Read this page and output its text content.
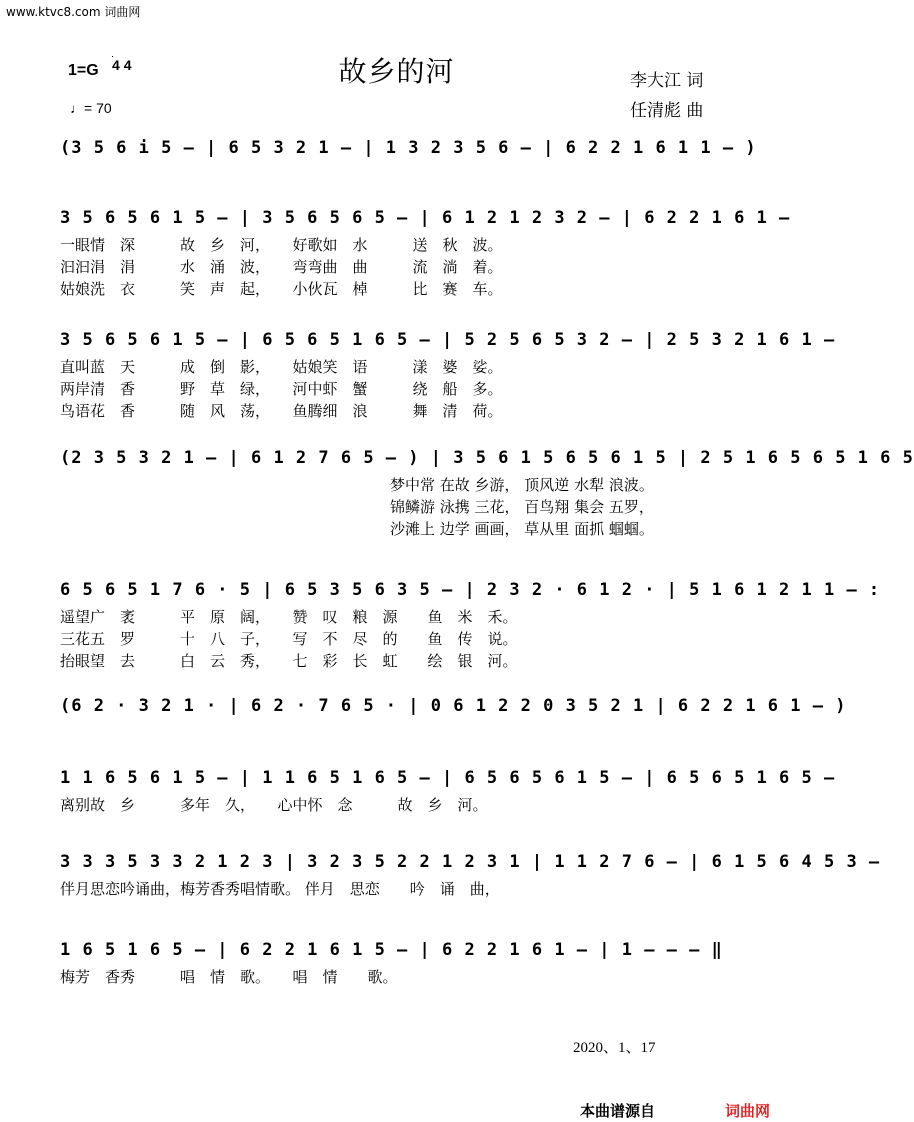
www.ktvc8.com 词曲网
故乡的河
1=G 4 4
♩= 70
李大江 词
任清彪 曲
(3 5 6 i 5 – | 6 5 3 2 1 – | 1 3 2 3 5 6 – | 6 2 2 1 6 1 1 – )
3 5 6 5 6 1 5 – | 3 5 6 5 6 5 – | 6 1 2 1 2 3 2 – | 6 2 2 1 6 1 –
一眼情　深　　　故　乡　河，　　好歌如　水　　　送　秋　波。
汩汩涓　涓　　　水　涌　波，　　弯弯曲　曲　　　流　淌　着。
姑娘洗　衣　　　笑　声　起，　　小伙瓦　棹　　　比　赛　车。
3 5 6 5 6 1 5 – | 6 5 6 5 1 6 5 – | 5 2 5 6 5 3 2 – | 2 5 3 2 1 6 1 –
直叫蓝　天　　　成　倒　影，　　姑娘笑　语　　　漾　婆　娑。
两岸清　香　　　野　草　绿，　　河中虾　蟹　　　绕　船　多。
鸟语花　香　　　随　风　荡，　　鱼腾细　浪　　　舞　清　荷。
(2 3 5 3 2 1 – | 6 1 2 7 6 5 – ) | 3 5 6 1 5 6 5 6 1 5 | 2 5 1 6 5 6 5 1 6 5
梦中常 在故 乡游， 顶风逆 水犁 浪波。
锦鳞游 泳携 三花， 百鸟翔 集会 五罗，
沙滩上 边学 画画， 草从里 面抓 蝈蝈。
6 5 6 5 1 7 6 · 5 | 6 5 3 5 6 3 5 – | 2 3 2 · 6 1 2 · | 5 1 6 1 2 1 1 – :
遥望广　袤　　　平　原　阔，　　赞　叹　粮　源　　鱼　米　禾。
三花五　罗　　　十　八　子，　　写　不　尽　的　　鱼　传　说。
抬眼望　去　　　白　云　秀，　　七　彩　长　虹　　绘　银　河。
(6 2 · 3 2 1 · | 6 2 · 7 6 5 · | 0 6 1 2 2 0 3 5 2 1 | 6 2 2 1 6 1 – )
1 1 6 5 6 1 5 – | 1 1 6 5 1 6 5 – | 6 5 6 5 6 1 5 – | 6 5 6 5 1 6 5 –
离别故　乡　　　多年　久，　　心中怀　念　　　故　乡　河。
3 3 3 5 3 3 2 1 2 3 | 3 2 3 5 2 2 1 2 3 1 | 1 1 2 7 6 – | 6 1 5 6 4 5 3 –
伴月思恋吟诵曲，梅芳香秀唱情歌。 伴月　思恋　　吟　诵　曲，
1 6 5 1 6 5 – | 6 2 2 1 6 1 5 – | 6 2 2 1 6 1 – | 1 – – – ‖
梅芳　香秀　　　唱　情　歌。　　唱　情　　歌。
2020、1、17
本曲谱源自	词曲网
